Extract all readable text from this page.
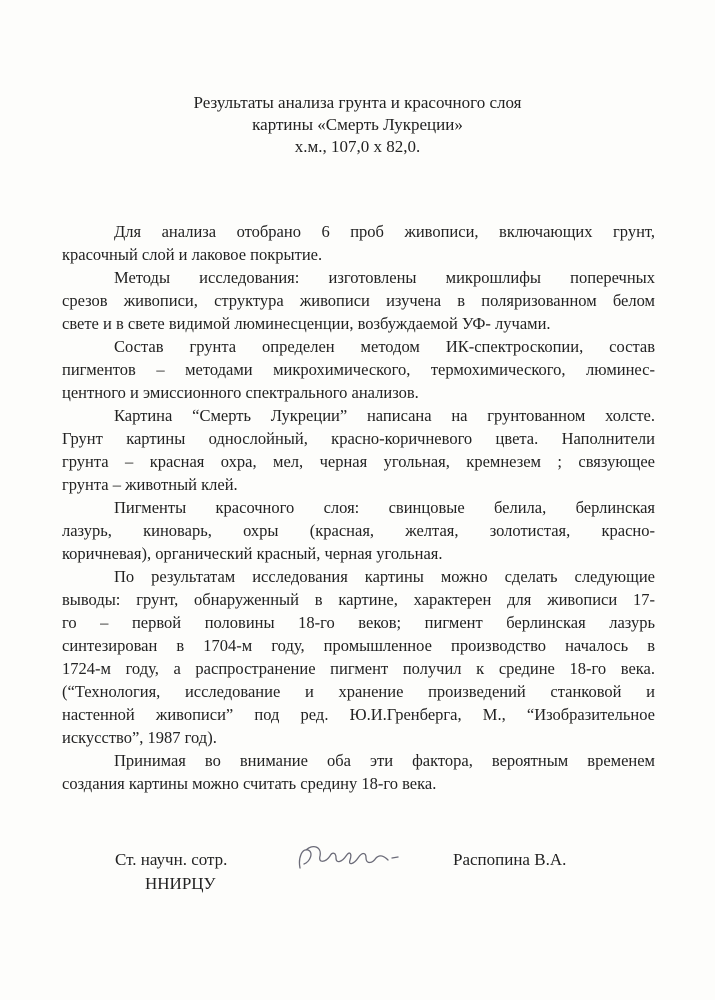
Результаты анализа грунта и красочного слоя
картины «Смерть Лукреции»
х.м., 107,0 х 82,0.
Для анализа отобрано 6 проб живописи, включающих грунт,
красочный слой и лаковое покрытие.
Методы исследования: изготовлены микрошлифы поперечных
срезов живописи, структура живописи изучена в поляризованном белом
свете и в свете видимой люминесценции, возбуждаемой УФ- лучами.
Состав грунта определен методом ИК-спектроскопии, состав
пигментов – методами микрохимического, термохимического, люминес-
центного и эмиссионного спектрального анализов.
Картина “Смерть Лукреции” написана на грунтованном холсте.
Грунт картины однослойный, красно-коричневого цвета. Наполнители
грунта – красная охра, мел, черная угольная, кремнезем ; связующее
грунта – животный клей.
Пигменты красочного слоя: свинцовые белила, берлинская
лазурь, киноварь, охры (красная, желтая, золотистая, красно-
коричневая), органический красный, черная угольная.
По результатам исследования картины можно сделать следующие
выводы: грунт, обнаруженный в картине, характерен для живописи 17-
го – первой половины 18-го веков; пигмент берлинская лазурь
синтезирован в 1704-м году, промышленное производство началось в
1724-м году, а распространение пигмент получил к средине 18-го века.
(“Технология, исследование и хранение произведений станковой и
настенной живописи” под ред. Ю.И.Гренберга, М., “Изобразительное
искусство”, 1987 год).
Принимая во внимание оба эти фактора, вероятным временем
создания картины можно считать средину 18-го века.
Ст. научн. сотр.
ННИРЦУ
Распопина В.А.
